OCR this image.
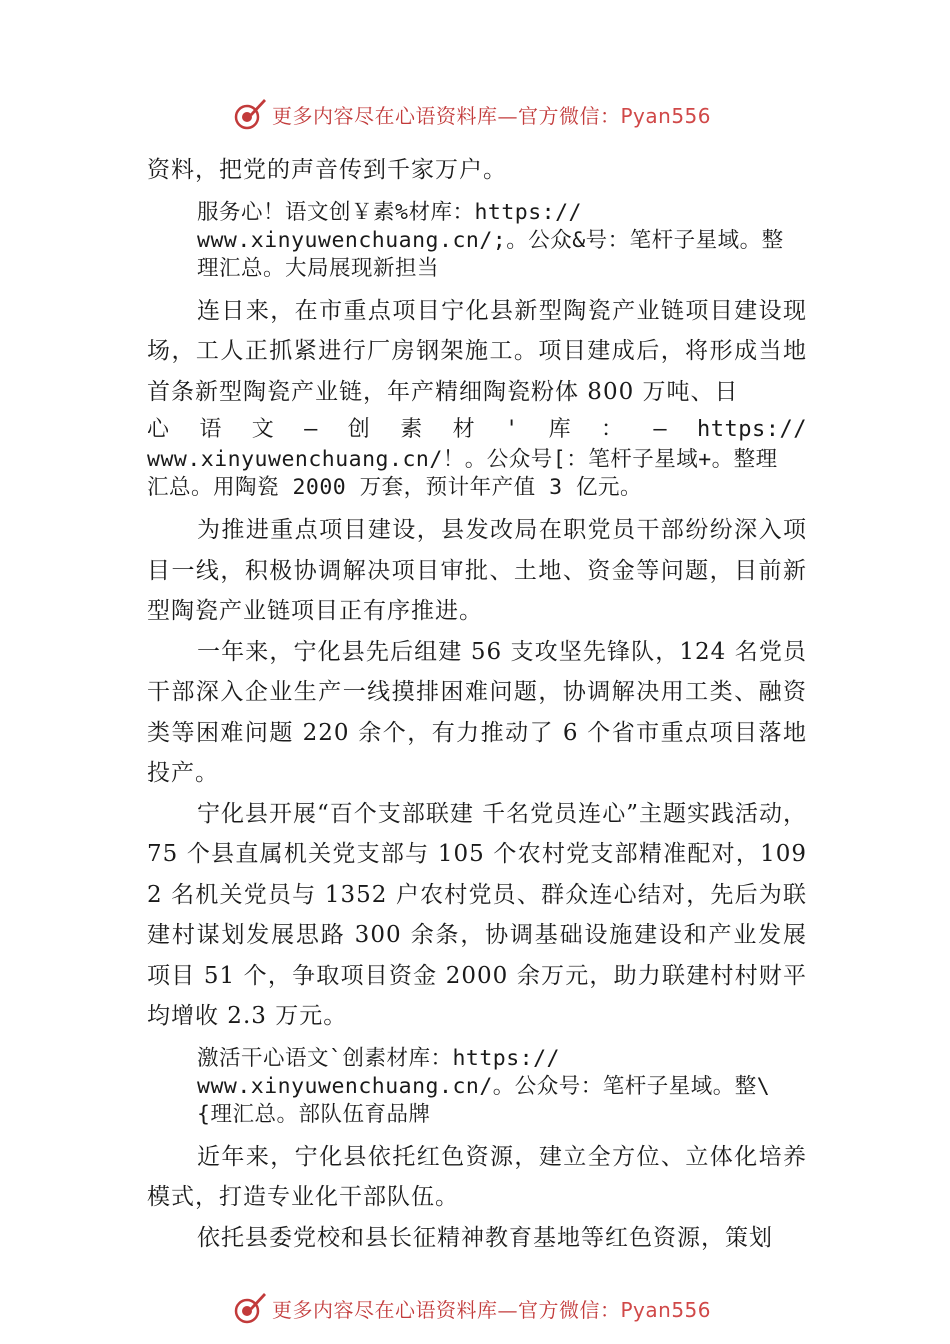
更多内容尽在心语资料库—官方微信：Pyan556

资料，把党的声音传到千家万户。

服务心！语文创￥素%材库：https://

www.xinyuwenchuang.cn/;。公众&号：笔杆子星域。整

理汇总。大局展现新担当

连日来，在市重点项目宁化县新型陶瓷产业链项目建设现场，工人正抓紧进行厂房钢架施工。项目建成后，将形成当地首条新型陶瓷产业链，年产精细陶瓷粉体 800 万吨、日

心 语 文 — 创 素 材 ' 库 ： — https://

www.xinyuwenchuang.cn/！。公众号[：笔杆子星域+。整理

汇总。用陶瓷 2000 万套，预计年产值 3 亿元。

为推进重点项目建设，县发改局在职党员干部纷纷深入项目一线，积极协调解决项目审批、土地、资金等问题，目前新型陶瓷产业链项目正有序推进。

一年来，宁化县先后组建 56 支攻坚先锋队，124 名党员干部深入企业生产一线摸排困难问题，协调解决用工类、融资类等困难问题 220 余个，有力推动了 6 个省市重点项目落地投产。

宁化县开展“百个支部联建 千名党员连心”主题实践活动，75 个县直属机关党支部与 105 个农村党支部精准配对，1092 名机关党员与 1352 户农村党员、群众连心结对，先后为联建村谋划发展思路 300 余条，协调基础设施建设和产业发展项目 51 个，争取项目资金 2000 余万元，助力联建村村财平均增收 2.3 万元。

激活干心语文`创素材库：https://

www.xinyuwenchuang.cn/。公众号：笔杆子星域。整\

{理汇总。部队伍育品牌

近年来，宁化县依托红色资源，建立全方位、立体化培养模式，打造专业化干部队伍。

依托县委党校和县长征精神教育基地等红色资源，策划

更多内容尽在心语资料库—官方微信：Pyan556
